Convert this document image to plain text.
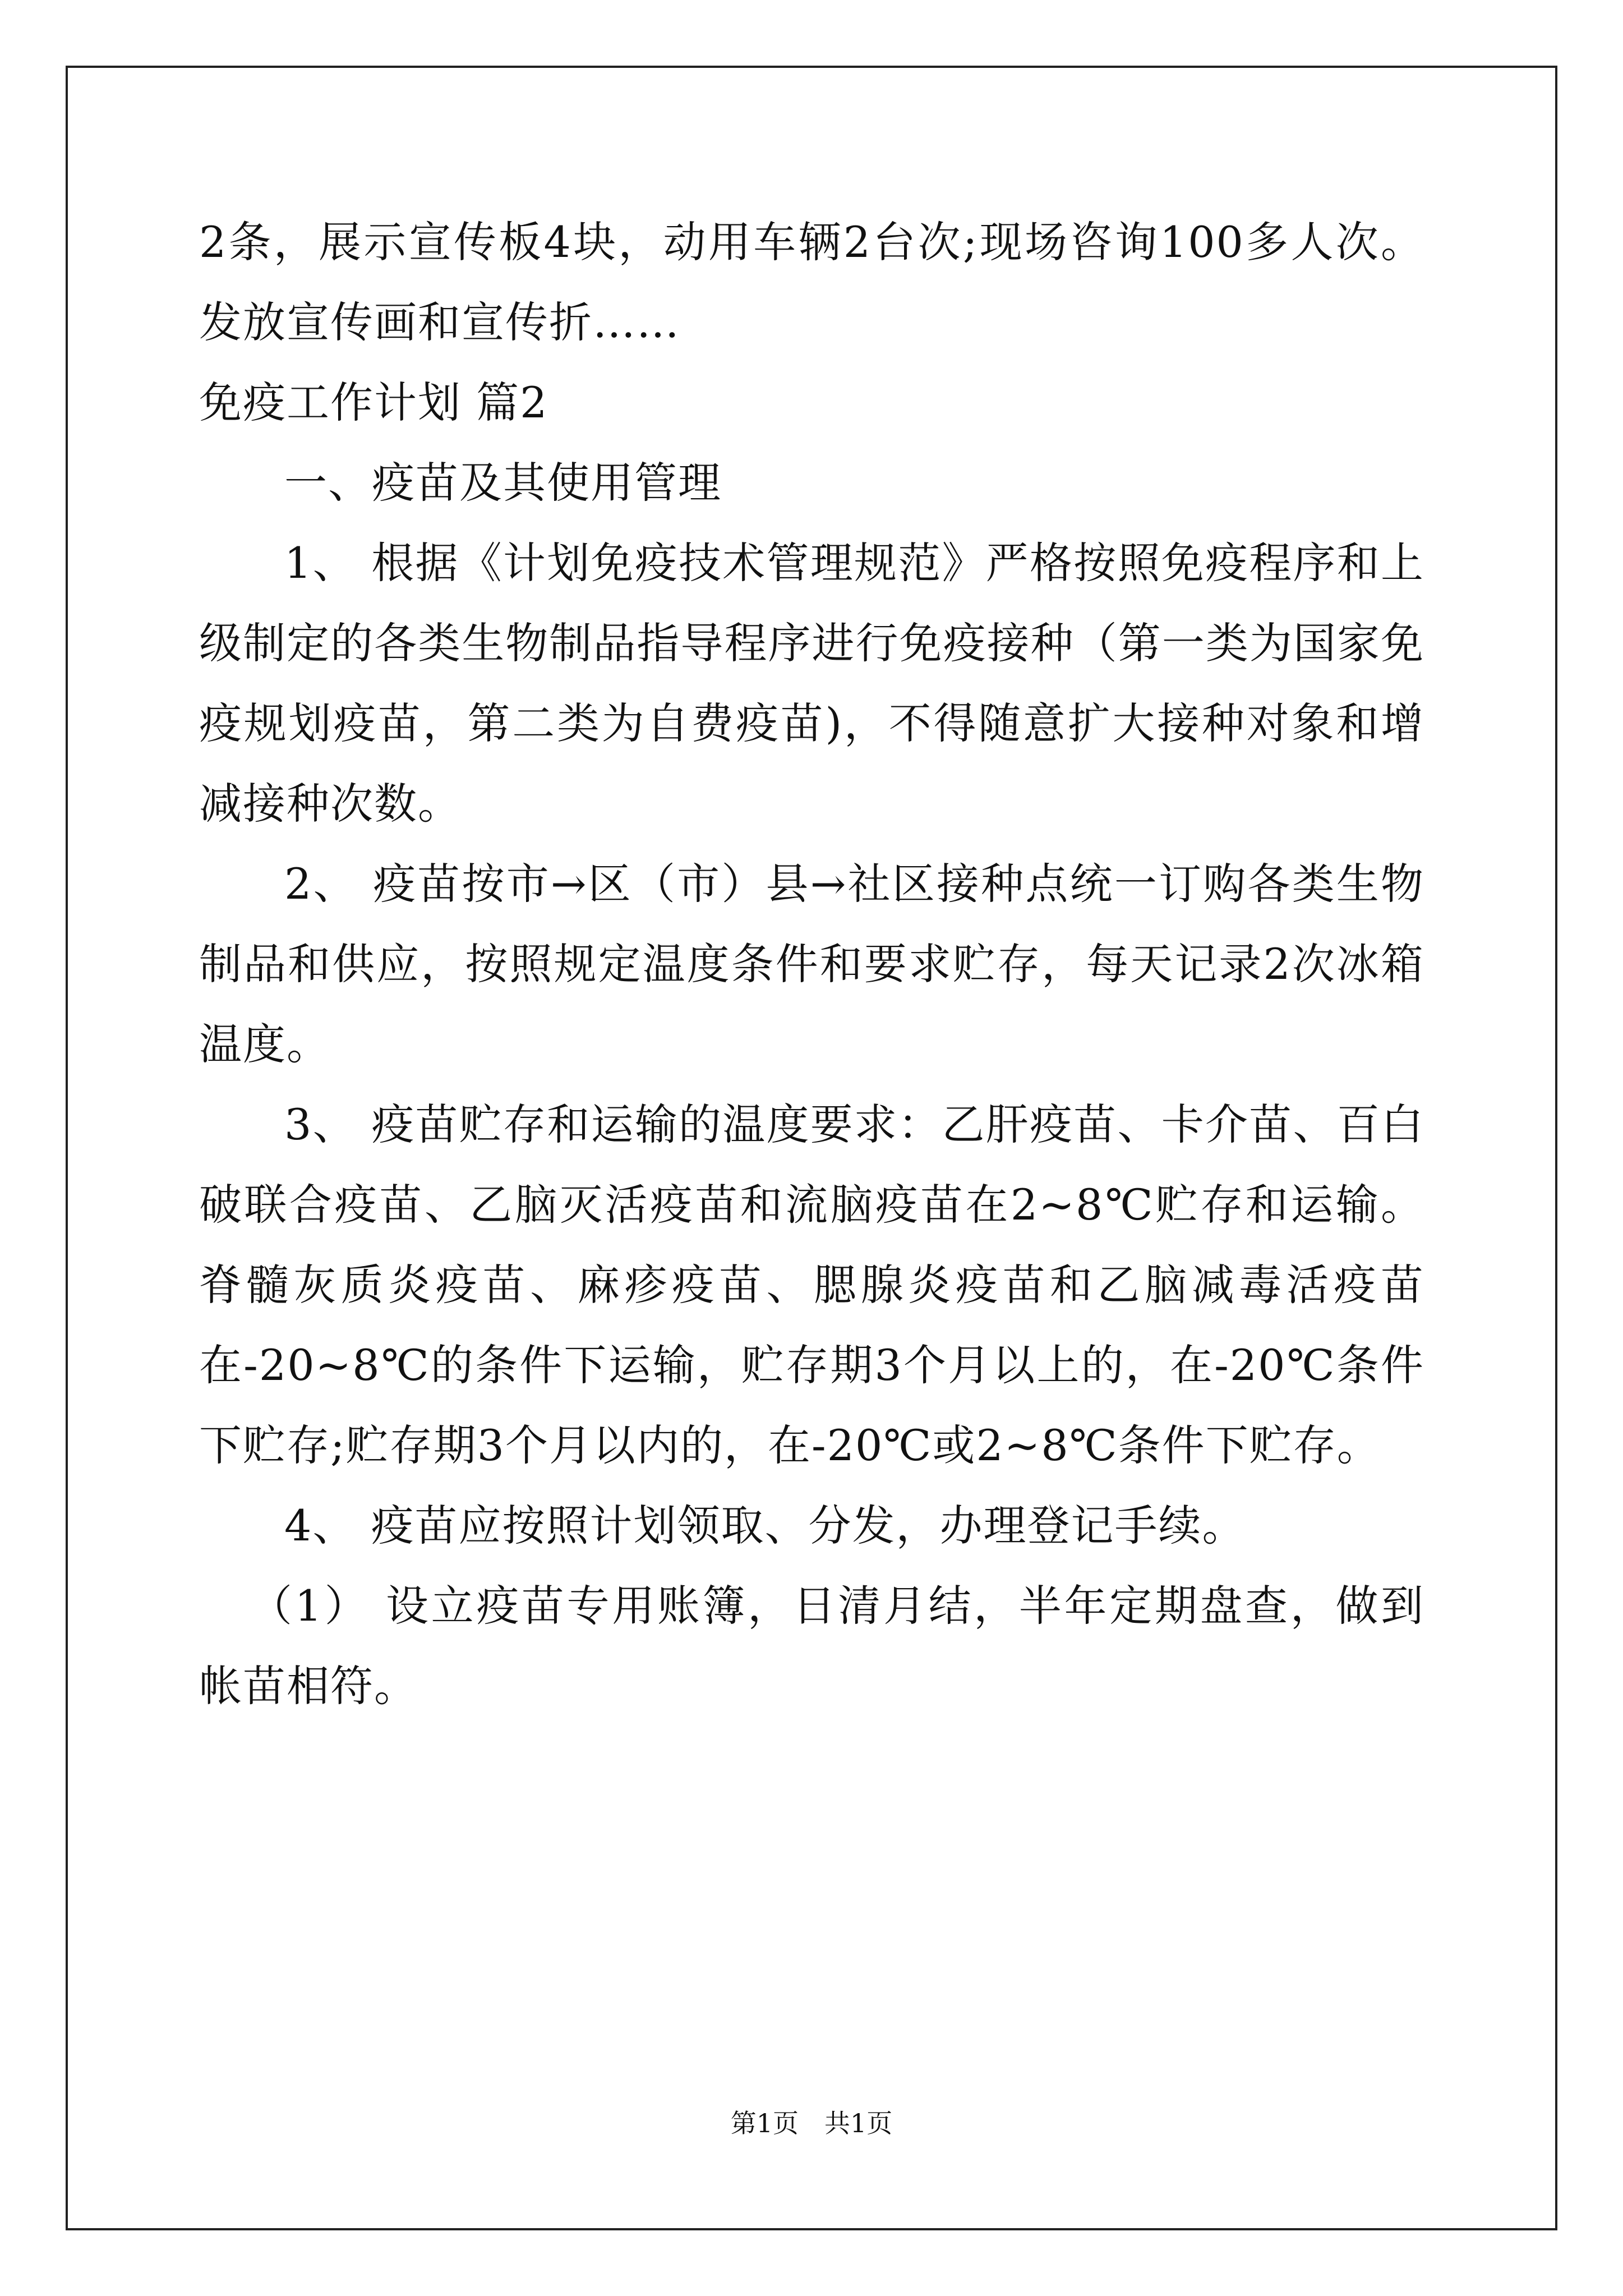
2条，展示宣传板4块，动用车辆2台次;现场咨询100多人次。发放宣传画和宣传折……

免疫工作计划 篇2

一、疫苗及其使用管理

1、 根据《计划免疫技术管理规范》严格按照免疫程序和上级制定的各类生物制品指导程序进行免疫接种（第一类为国家免疫规划疫苗，第二类为自费疫苗)，不得随意扩大接种对象和增减接种次数。

2、 疫苗按市→区（市）县→社区接种点统一订购各类生物制品和供应，按照规定温度条件和要求贮存，每天记录2次冰箱温度。

3、 疫苗贮存和运输的温度要求：乙肝疫苗、卡介苗、百白破联合疫苗、乙脑灭活疫苗和流脑疫苗在2~8℃贮存和运输。脊髓灰质炎疫苗、麻疹疫苗、腮腺炎疫苗和乙脑减毒活疫苗在-20~8℃的条件下运输，贮存期3个月以上的，在-20℃条件下贮存;贮存期3个月以内的，在-20℃或2~8℃条件下贮存。

4、 疫苗应按照计划领取、分发，办理登记手续。

（1） 设立疫苗专用账簿，日清月结，半年定期盘查，做到帐苗相符。

第1页 共1页
